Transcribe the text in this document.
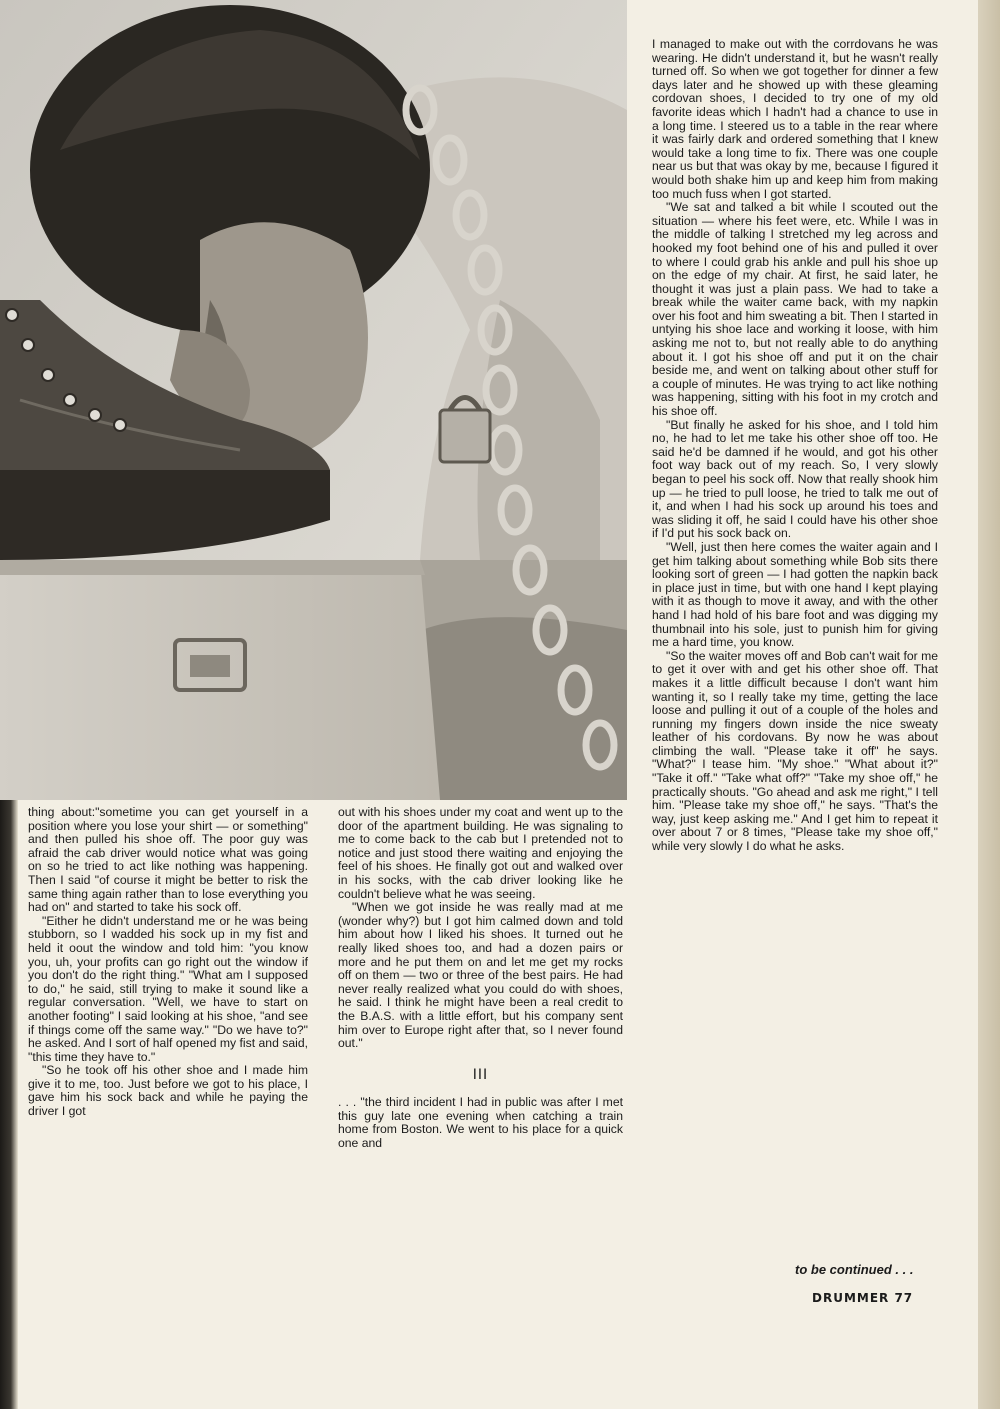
thing about:"sometime you can get yourself in a position where you lose your shirt — or something" and then pulled his shoe off. The poor guy was afraid the cab driver would notice what was going on so he tried to act like nothing was happening. Then I said "of course it might be better to risk the same thing again rather than to lose everything you had on" and started to take his sock off.

"Either he didn't understand me or he was being stubborn, so I wadded his sock up in my fist and held it oout the window and told him: "you know you, uh, your profits can go right out the window if you don't do the right thing." "What am I supposed to do," he said, still trying to make it sound like a regular conversation. "Well, we have to start on another footing" I said looking at his shoe, "and see if things come off the same way." "Do we have to?" he asked. And I sort of half opened my fist and said, "this time they have to."

"So he took off his other shoe and I made him give it to me, too. Just before we got to his place, I gave him his sock back and while he paying the driver I got

out with his shoes under my coat and went up to the door of the apartment building. He was signaling to me to come back to the cab but I pretended not to notice and just stood there waiting and enjoying the feel of his shoes. He finally got out and walked over in his socks, with the cab driver looking like he couldn't believe what he was seeing.

"When we got inside he was really mad at me (wonder why?) but I got him calmed down and told him about how I liked his shoes. It turned out he really liked shoes too, and had a dozen pairs or more and he put them on and let me get my rocks off on them — two or three of the best pairs. He had never really realized what you could do with shoes, he said. I think he might have been a real credit to the B.A.S. with a little effort, but his company sent him over to Europe right after that, so I never found out."

III

. . . "the third incident I had in public was after I met this guy late one evening when catching a train home from Boston. We went to his place for a quick one and

I managed to make out with the corrdovans he was wearing. He didn't understand it, but he wasn't really turned off. So when we got together for dinner a few days later and he showed up with these gleaming cordovan shoes, I decided to try one of my old favorite ideas which I hadn't had a chance to use in a long time. I steered us to a table in the rear where it was fairly dark and ordered something that I knew would take a long time to fix. There was one couple near us but that was okay by me, because I figured it would both shake him up and keep him from making too much fuss when I got started.

"We sat and talked a bit while I scouted out the situation — where his feet were, etc. While I was in the middle of talking I stretched my leg across and hooked my foot behind one of his and pulled it over to where I could grab his ankle and pull his shoe up on the edge of my chair. At first, he said later, he thought it was just a plain pass. We had to take a break while the waiter came back, with my napkin over his foot and him sweating a bit. Then I started in untying his shoe lace and working it loose, with him asking me not to, but not really able to do anything about it. I got his shoe off and put it on the chair beside me, and went on talking about other stuff for a couple of minutes. He was trying to act like nothing was happening, sitting with his foot in my crotch and his shoe off.

"But finally he asked for his shoe, and I told him no, he had to let me take his other shoe off too. He said he'd be damned if he would, and got his other foot way back out of my reach. So, I very slowly began to peel his sock off. Now that really shook him up — he tried to pull loose, he tried to talk me out of it, and when I had his sock up around his toes and was sliding it off, he said I could have his other shoe if I'd put his sock back on.

"Well, just then here comes the waiter again and I get him talking about something while Bob sits there looking sort of green — I had gotten the napkin back in place just in time, but with one hand I kept playing with it as though to move it away, and with the other hand I had hold of his bare foot and was digging my thumbnail into his sole, just to punish him for giving me a hard time, you know.

"So the waiter moves off and Bob can't wait for me to get it over with and get his other shoe off. That makes it a little difficult because I don't want him wanting it, so I really take my time, getting the lace loose and pulling it out of a couple of the holes and running my fingers down inside the nice sweaty leather of his cordovans. By now he was about climbing the wall. "Please take it off" he says. "What?" I tease him. "My shoe." "What about it?" "Take it off." "Take what off?" "Take my shoe off," he practically shouts. "Go ahead and ask me right," I tell him. "Please take my shoe off," he says. "That's the way, just keep asking me." And I get him to repeat it over about 7 or 8 times, "Please take my shoe off," while very slowly I do what he asks.

to be continued . . .
DRUMMER 77
